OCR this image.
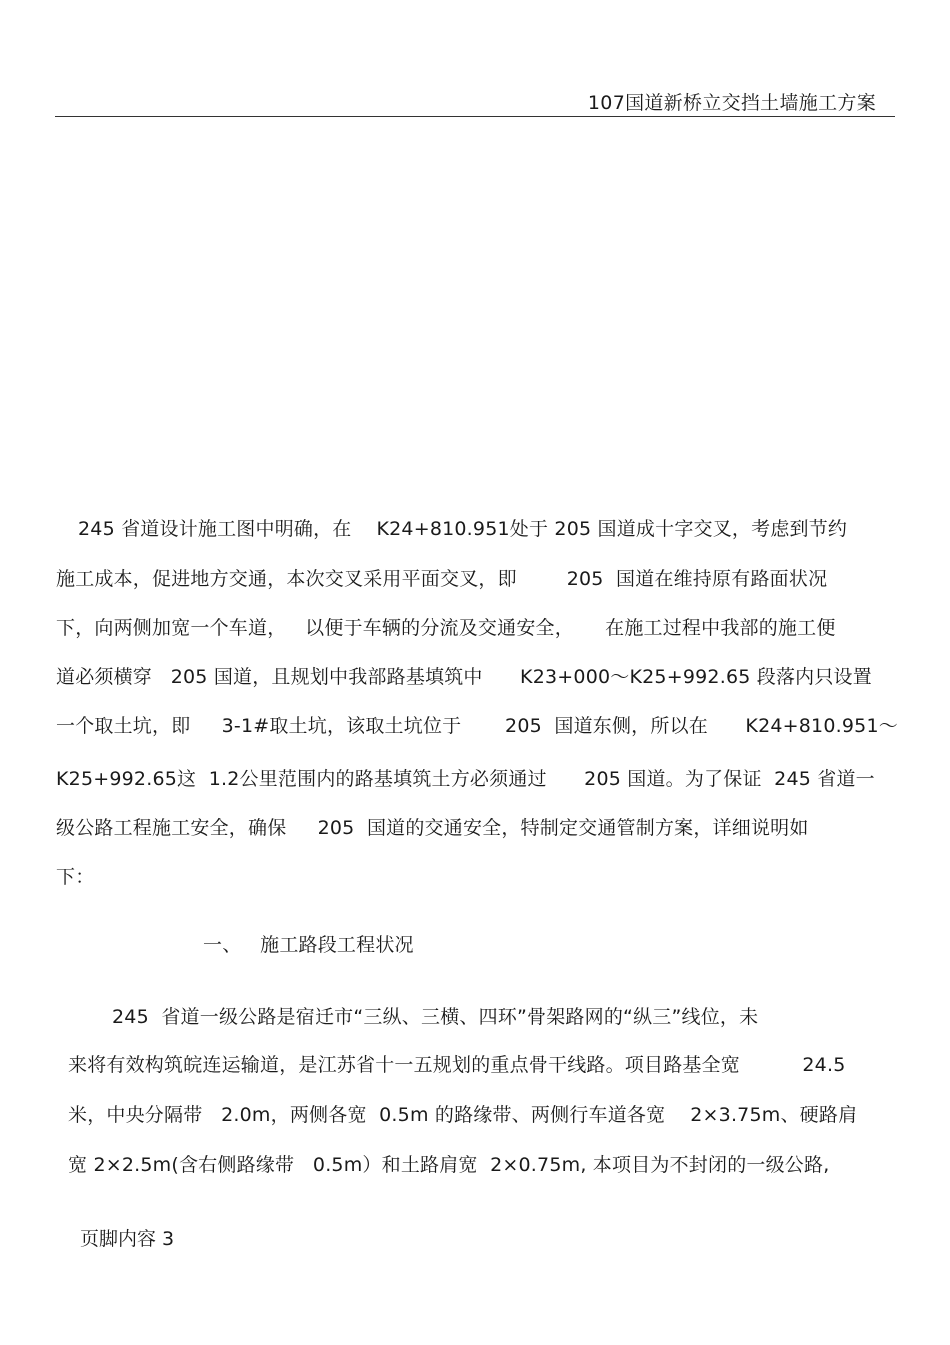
107国道新桥立交挡土墙施工方案
245 省道设计施工图中明确，在    K24+810.951处于 205 国道成十字交叉，考虑到节约
施工成本，促进地方交通，本次交叉采用平面交叉，即        205  国道在维持原有路面状况
下，向两侧加宽一个车道，   以便于车辆的分流及交通安全，     在施工过程中我部的施工便
道必须横穿   205 国道，且规划中我部路基填筑中      K23+000～K25+992.65 段落内只设置
一个取土坑，即     3-1#取土坑，该取土坑位于       205  国道东侧，所以在      K24+810.951～
K25+992.65这  1.2公里范围内的路基填筑土方必须通过      205 国道。为了保证  245 省道一
级公路工程施工安全，确保     205  国道的交通安全，特制定交通管制方案，详细说明如
下：
一、   施工路段工程状况
245  省道一级公路是宿迁市“三纵、三横、四环”骨架路网的“纵三”线位，未
来将有效构筑皖连运输道，是江苏省十一五规划的重点骨干线路。项目路基全宽          24.5
米，中央分隔带   2.0m，两侧各宽  0.5m 的路缘带、两侧行车道各宽    2×3.75m、硬路肩
宽 2×2.5m(含右侧路缘带   0.5m）和土路肩宽  2×0.75m, 本项目为不封闭的一级公路,
页脚内容 3
